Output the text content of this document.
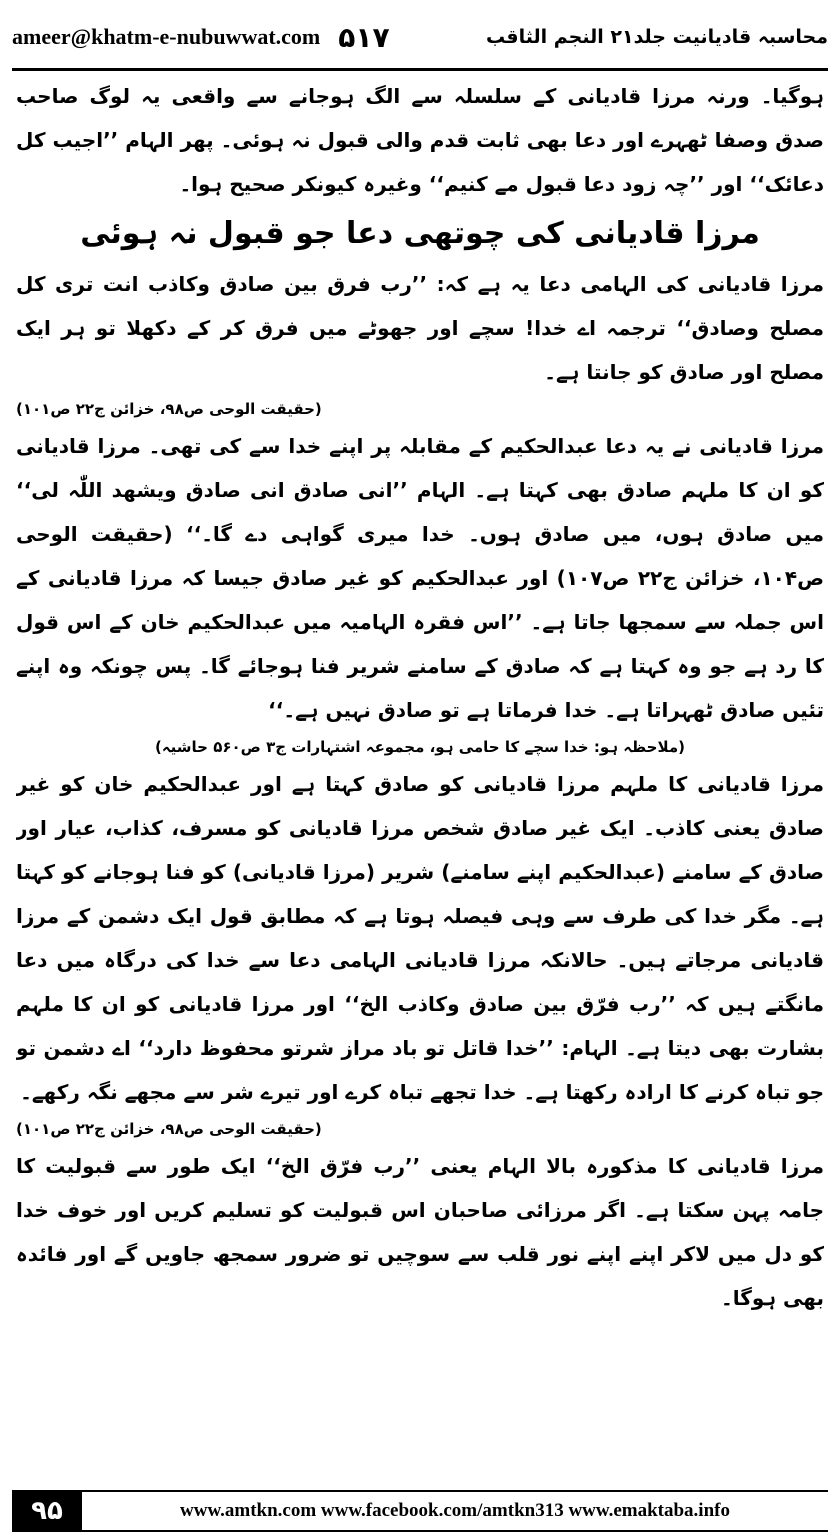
ameer@khatm-e-nubuwwat.com ۵۱۷	محاسبہ قادیانیت جلد۲۱ النجم الثاقب

ہوگیا۔ ورنہ مرزا قادیانی کے سلسلہ سے الگ ہوجانے سے واقعی یہ لوگ صاحب صدق وصفا ٹھہرے اور دعا بھی ثابت قدم والی قبول نہ ہوئی۔ پھر الہام ’’اجیب کل دعائک‘‘ اور ’’چہ زود دعا قبول مے کنیم‘‘ وغیرہ کیونکر صحیح ہوا۔

مرزا قادیانی کی چوتھی دعا جو قبول نہ ہوئی

مرزا قادیانی کی الہامی دعا یہ ہے کہ: ’’رب فرق بین صادق وکاذب انت تری کل مصلح وصادق‘‘ ترجمہ اے خدا! سچے اور جھوٹے میں فرق کر کے دکھلا تو ہر ایک مصلح اور صادق کو جانتا ہے۔

(حقیقت الوحی ص۹۸، خزائن ج۲۲ ص۱۰۱)

مرزا قادیانی نے یہ دعا عبدالحکیم کے مقابلہ پر اپنے خدا سے کی تھی۔ مرزا قادیانی کو ان کا ملہم صادق بھی کہتا ہے۔ الہام ’’انی صادق انی صادق ویشھد اللّٰہ لی‘‘ میں صادق ہوں، میں صادق ہوں۔ خدا میری گواہی دے گا۔‘‘ (حقیقت الوحی ص۱۰۴، خزائن ج۲۲ ص۱۰۷) اور عبدالحکیم کو غیر صادق جیسا کہ مرزا قادیانی کے اس جملہ سے سمجھا جاتا ہے۔ ’’اس فقرہ الہامیہ میں عبدالحکیم خان کے اس قول کا رد ہے جو وہ کہتا ہے کہ صادق کے سامنے شریر فنا ہوجائے گا۔ پس چونکہ وہ اپنے تئیں صادق ٹھہراتا ہے۔ خدا فرماتا ہے تو صادق نہیں ہے۔‘‘

(ملاحظہ ہو: خدا سچے کا حامی ہو، مجموعہ اشتہارات ج۳ ص۵۶۰ حاشیہ)

مرزا قادیانی کا ملہم مرزا قادیانی کو صادق کہتا ہے اور عبدالحکیم خان کو غیر صادق یعنی کاذب۔ ایک غیر صادق شخص مرزا قادیانی کو مسرف، کذاب، عیار اور صادق کے سامنے (عبدالحکیم اپنے سامنے) شریر (مرزا قادیانی) کو فنا ہوجانے کو کہتا ہے۔ مگر خدا کی طرف سے وہی فیصلہ ہوتا ہے کہ مطابق قول ایک دشمن کے مرزا قادیانی مرجاتے ہیں۔ حالانکہ مرزا قادیانی الہامی دعا سے خدا کی درگاہ میں دعا مانگتے ہیں کہ ’’رب فرّق بین صادق وکاذب الخ‘‘ اور مرزا قادیانی کو ان کا ملہم بشارت بھی دیتا ہے۔ الہام: ’’خدا قاتل تو باد مراز شرتو محفوظ دارد‘‘ اے دشمن تو جو تباہ کرنے کا ارادہ رکھتا ہے۔ خدا تجھے تباہ کرے اور تیرے شر سے مجھے نگہ رکھے۔

(حقیقت الوحی ص۹۸، خزائن ج۲۲ ص۱۰۱)

مرزا قادیانی کا مذکورہ بالا الہام یعنی ’’رب فرّق الخ‘‘ ایک طور سے قبولیت کا جامہ پہن سکتا ہے۔ اگر مرزائی صاحبان اس قبولیت کو تسلیم کریں اور خوف خدا کو دل میں لاکر اپنے اپنے نور قلب سے سوچیں تو ضرور سمجھ جاویں گے اور فائدہ بھی ہوگا۔

۹۵	www.amtkn.com www.facebook.com/amtkn313 www.emaktaba.info
